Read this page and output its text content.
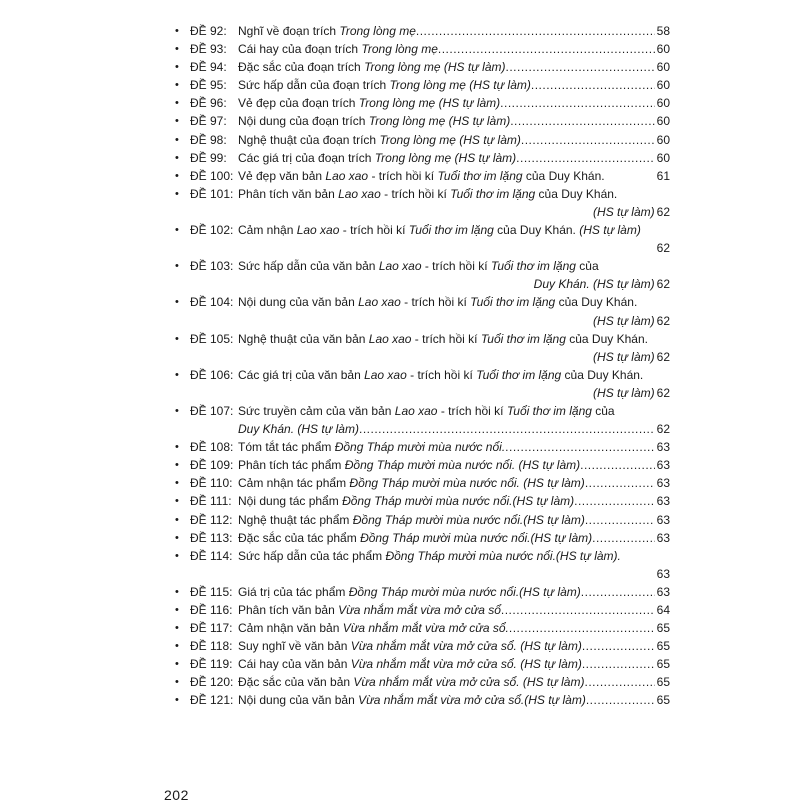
• ĐỀ 92: Nghĩ về đoạn trích Trong lòng mẹ .....	58
• ĐỀ 93: Cái hay của đoạn trích Trong lòng mẹ .....	60
• ĐỀ 94: Đặc sắc của đoạn trích Trong lòng mẹ (HS tự làm) .....	60
• ĐỀ 95: Sức hấp dẫn của đoạn trích Trong lòng mẹ (HS tự làm) .....	60
• ĐỀ 96: Vẻ đẹp của đoạn trích Trong lòng mẹ (HS tự làm) .....	60
• ĐỀ 97: Nội dung của đoạn trích Trong lòng mẹ (HS tự làm) .....	60
• ĐỀ 98: Nghệ thuật của đoạn trích Trong lòng mẹ (HS tự làm) .....	60
• ĐỀ 99: Các giá trị của đoạn trích Trong lòng mẹ (HS tự làm) .....	60
• ĐỀ 100: Vẻ đẹp văn bản Lao xao - trích hồi kí Tuổi thơ im lặng của Duy Khán.	61
• ĐỀ 101: Phân tích văn bản Lao xao - trích hồi kí Tuổi thơ im lặng của Duy Khán.
(HS tự làm) 62
• ĐỀ 102: Cảm nhận Lao xao - trích hồi kí Tuổi thơ im lặng của Duy Khán. (HS tự làm)
62
• ĐỀ 103: Sức hấp dẫn của văn bản Lao xao - trích hồi kí Tuổi thơ im lặng của
Duy Khán. (HS tự làm) 62
• ĐỀ 104: Nội dung của văn bản Lao xao - trích hồi kí Tuổi thơ im lặng của Duy Khán.
(HS tự làm) 62
• ĐỀ 105: Nghệ thuật của văn bản Lao xao - trích hồi kí Tuổi thơ im lặng của Duy Khán.
(HS tự làm) 62
• ĐỀ 106: Các giá trị của văn bản Lao xao - trích hồi kí Tuổi thơ im lặng của Duy Khán.
(HS tự làm) 62
• ĐỀ 107: Sức truyền cảm của văn bản Lao xao - trích hồi kí Tuổi thơ im lặng của
Duy Khán. (HS tự làm) .....	62
• ĐỀ 108: Tóm tắt tác phẩm Đồng Tháp mười mùa nước nổi. .....	63
• ĐỀ 109: Phân tích tác phẩm Đồng Tháp mười mùa nước nổi. (HS tự làm) .....	63
• ĐỀ 110: Cảm nhận tác phẩm Đồng Tháp mười mùa nước nổi. (HS tự làm) .....	63
• ĐỀ 111: Nội dung tác phẩm Đồng Tháp mười mùa nước nổi.(HS tự làm) .....	63
• ĐỀ 112: Nghệ thuật tác phẩm Đồng Tháp mười mùa nước nổi.(HS tự làm) .....	63
• ĐỀ 113: Đặc sắc của tác phẩm Đồng Tháp mười mùa nước nổi.(HS tự làm) .....	63
• ĐỀ 114: Sức hấp dẫn của tác phẩm Đồng Tháp mười mùa nước nổi.(HS tự làm).
63
• ĐỀ 115: Giá trị của tác phẩm Đồng Tháp mười mùa nước nổi.(HS tự làm) .....	63
• ĐỀ 116: Phân tích văn bản Vừa nhắm mắt vừa mở cửa sổ .....	64
• ĐỀ 117: Cảm nhận văn bản Vừa nhắm mắt vừa mở cửa sổ. .....	65
• ĐỀ 118: Suy nghĩ về văn bản Vừa nhắm mắt vừa mở cửa sổ. (HS tự làm) .....	65
• ĐỀ 119: Cái hay của văn bản Vừa nhắm mắt vừa mở cửa sổ. (HS tự làm) .....	65
• ĐỀ 120: Đặc sắc của văn bản Vừa nhắm mắt vừa mở cửa sổ. (HS tự làm) .....	65
• ĐỀ 121: Nội dung của văn bản Vừa nhắm mắt vừa mở cửa sổ.(HS tự làm) .....	65
202
